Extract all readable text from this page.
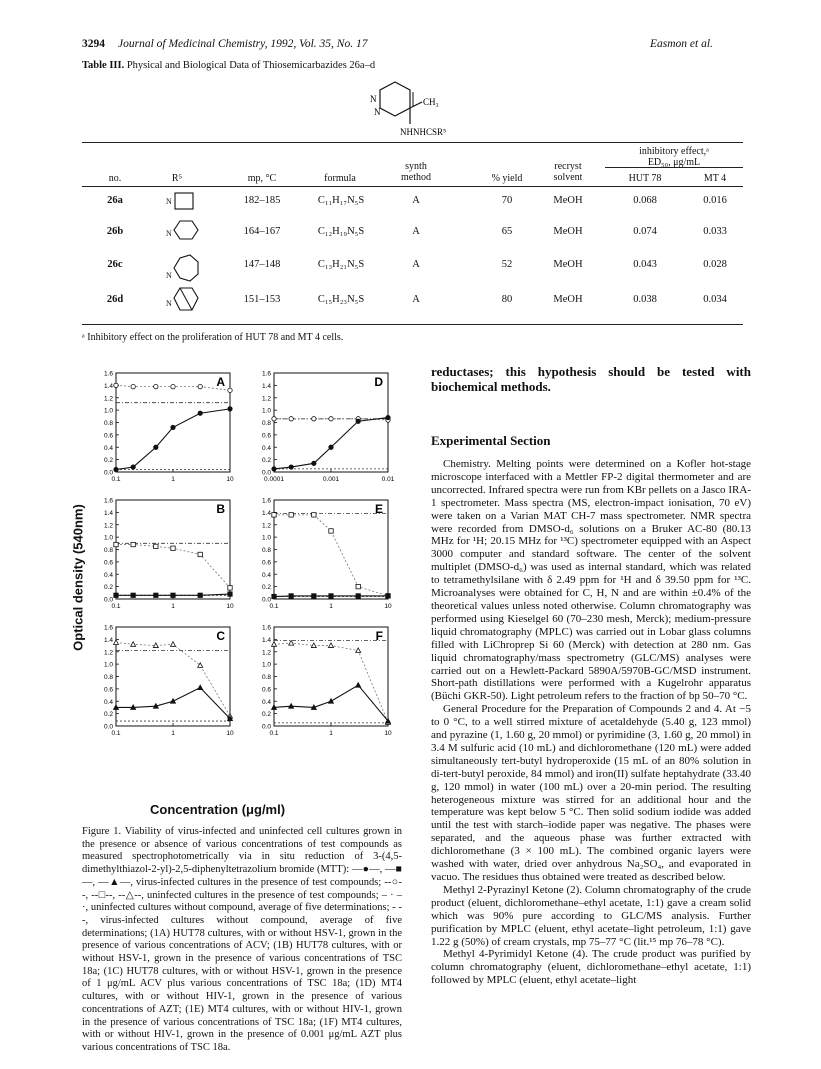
3294 Journal of Medicinal Chemistry, 1992, Vol. 35, No. 17	Easmon et al.
Table III. Physical and Biological Data of Thiosemicarbazides 26a–d
N
N
CH₃
NHNHCSR⁵
no.	R⁵	mp, °C	formula
synth method	% yield
recryst solvent
inhibitory effect,ᵃ
ED₅₀, μg/mL
HUT 78	MT 4
26a	182–185	C₁₁H₁₇N₅S	A	70	MeOH	0.068	0.016
26b	164–167	C₁₂H₁₉N₅S	A	65	MeOH	0.074	0.033
26c	147–148	C₁₃H₂₁N₅S	A	52	MeOH	0.043	0.028
26d	151–153	C₁₅H₂₃N₅S	A	80	MeOH	0.038	0.034
N
N
N
N
ᵃ Inhibitory effect on the proliferation of HUT 78 and MT 4 cells.
1.6
1.4
1.2
1.0
0.8
0.6
0.4
0.2
0.0
0.1	1	10
A
1.6
1.4
1.2
1.0
0.8
0.6
0.4
0.2
0.0
0.1	1	10
B
1.6
1.4
1.2
1.0
0.8
0.6
0.4
0.2
0.0
0.1	1	10
C
1.6
1.4
1.2
1.0
0.8
0.6
0.4
0.2
0.0
0.0001	0.001	0.01
D
1.6
1.4
1.2
1.0
0.8
0.6
0.4
0.2
0.0
0.1	1	10
E
1.6
1.4
1.2
1.0
0.8
0.6
0.4
0.2
0.0
0.1	1	10
F
Optical density (540nm)
Concentration (μg/ml)
Figure 1. Viability of virus-infected and uninfected cell cultures grown in the presence or absence of various concentrations of test compounds as measured spectrophotometrically via in situ reduction of 3-(4,5-dimethylthiazol-2-yl)-2,5-diphenyltetrazolium bromide (MTT): —●—, —■—, —▲—, virus-infected cultures in the presence of test compounds; --○--, --□--, --△--, uninfected cultures in the presence of test compounds; – · – ·, uninfected cultures without compound, average of five determinations; - - -, virus-infected cultures without compound, average of five determinations; (1A) HUT78 cultures, with or without HSV-1, grown in the presence of various concentrations of ACV; (1B) HUT78 cultures, with or without HSV-1, grown in the presence of various concentrations of TSC 18a; (1C) HUT78 cultures, with or without HSV-1, grown in the presence of 1 μg/mL ACV plus various concentrations of TSC 18a; (1D) MT4 cultures, with or without HIV-1, grown in the presence of various concentrations of AZT; (1E) MT4 cultures, with or without HIV-1, grown in the presence of various concentrations of TSC 18a; (1F) MT4 cultures, with or without HIV-1, grown in the presence of 0.001 μg/mL AZT plus various concentrations of TSC 18a.
reductases; this hypothesis should be tested with biochemical methods.
Experimental Section

Chemistry. Melting points were determined on a Kofler hot-stage microscope interfaced with a Mettler FP-2 digital thermometer and are uncorrected. Infrared spectra were run from KBr pellets on a Jasco IRA-1 spectrometer. Mass spectra (MS, electron-impact ionisation, 70 eV) were taken on a Varian MAT CH-7 mass spectrometer. NMR spectra were recorded from DMSO-d₆ solutions on a Bruker AC-80 (80.13 MHz for ¹H; 20.15 MHz for ¹³C) spectrometer equipped with an Aspect 3000 computer and standard software. The center of the solvent multiplet (DMSO-d₆) was used as internal standard, which was related to tetramethylsilane with δ 2.49 ppm for ¹H and δ 39.50 ppm for ¹³C. Microanalyses were obtained for C, H, N and are within ±0.4% of the theoretical values unless noted otherwise. Column chromatography was performed using Kieselgel 60 (70–230 mesh, Merck); medium-pressure liquid chromatography (MPLC) was carried out in Lobar glass columns filled with LiChroprep Si 60 (Merck) with detection at 280 nm. Gas liquid chromatography/mass spectrometry (GLC/MS) analyses were carried out on a Hewlett-Packard 5890A/5970B-GC/MSD instrument. Short-path distillations were performed with a Kugelrohr apparatus (Büchi GKR-50). Light petroleum refers to the fraction of bp 50–70 °C.

General Procedure for the Preparation of Compounds 2 and 4. At −5 to 0 °C, to a well stirred mixture of acetaldehyde (5.40 g, 123 mmol) and pyrazine (1, 1.60 g, 20 mmol) or pyrimidine (3, 1.60 g, 20 mmol) in 3.4 M sulfuric acid (10 mL) and dichloromethane (120 mL) were added simultaneously tert-butyl hydroperoxide (15 mL of an 80% solution in di-tert-butyl peroxide, 84 mmol) and iron(II) sulfate heptahydrate (33.40 g, 120 mmol) in water (100 mL) over a 20-min period. The resulting heterogeneous mixture was stirred for an additional hour and the temperature was kept below 5 °C. Then solid sodium iodide was added until the test with starch–iodide paper was negative. The phases were separated, and the aqueous phase was further extracted with dichloromethane (3 × 100 mL). The combined organic layers were washed with water, dried over anhydrous Na₂SO₄, and evaporated in vacuo. The residues thus obtained were treated as described below.

Methyl 2-Pyrazinyl Ketone (2). Column chromatography of the crude product (eluent, dichloromethane–ethyl acetate, 1:1) gave a cream solid which was 90% pure according to GLC/MS analysis. Further purification by MPLC (eluent, ethyl acetate–light petroleum, 1:1) gave 1.22 g (50%) of cream crystals, mp 75–77 °C (lit.¹⁵ mp 76–78 °C).

Methyl 4-Pyrimidyl Ketone (4). The crude product was purified by column chromatography (eluent, dichloromethane–ethyl acetate, 1:1) followed by MPLC (eluent, ethyl acetate–light
